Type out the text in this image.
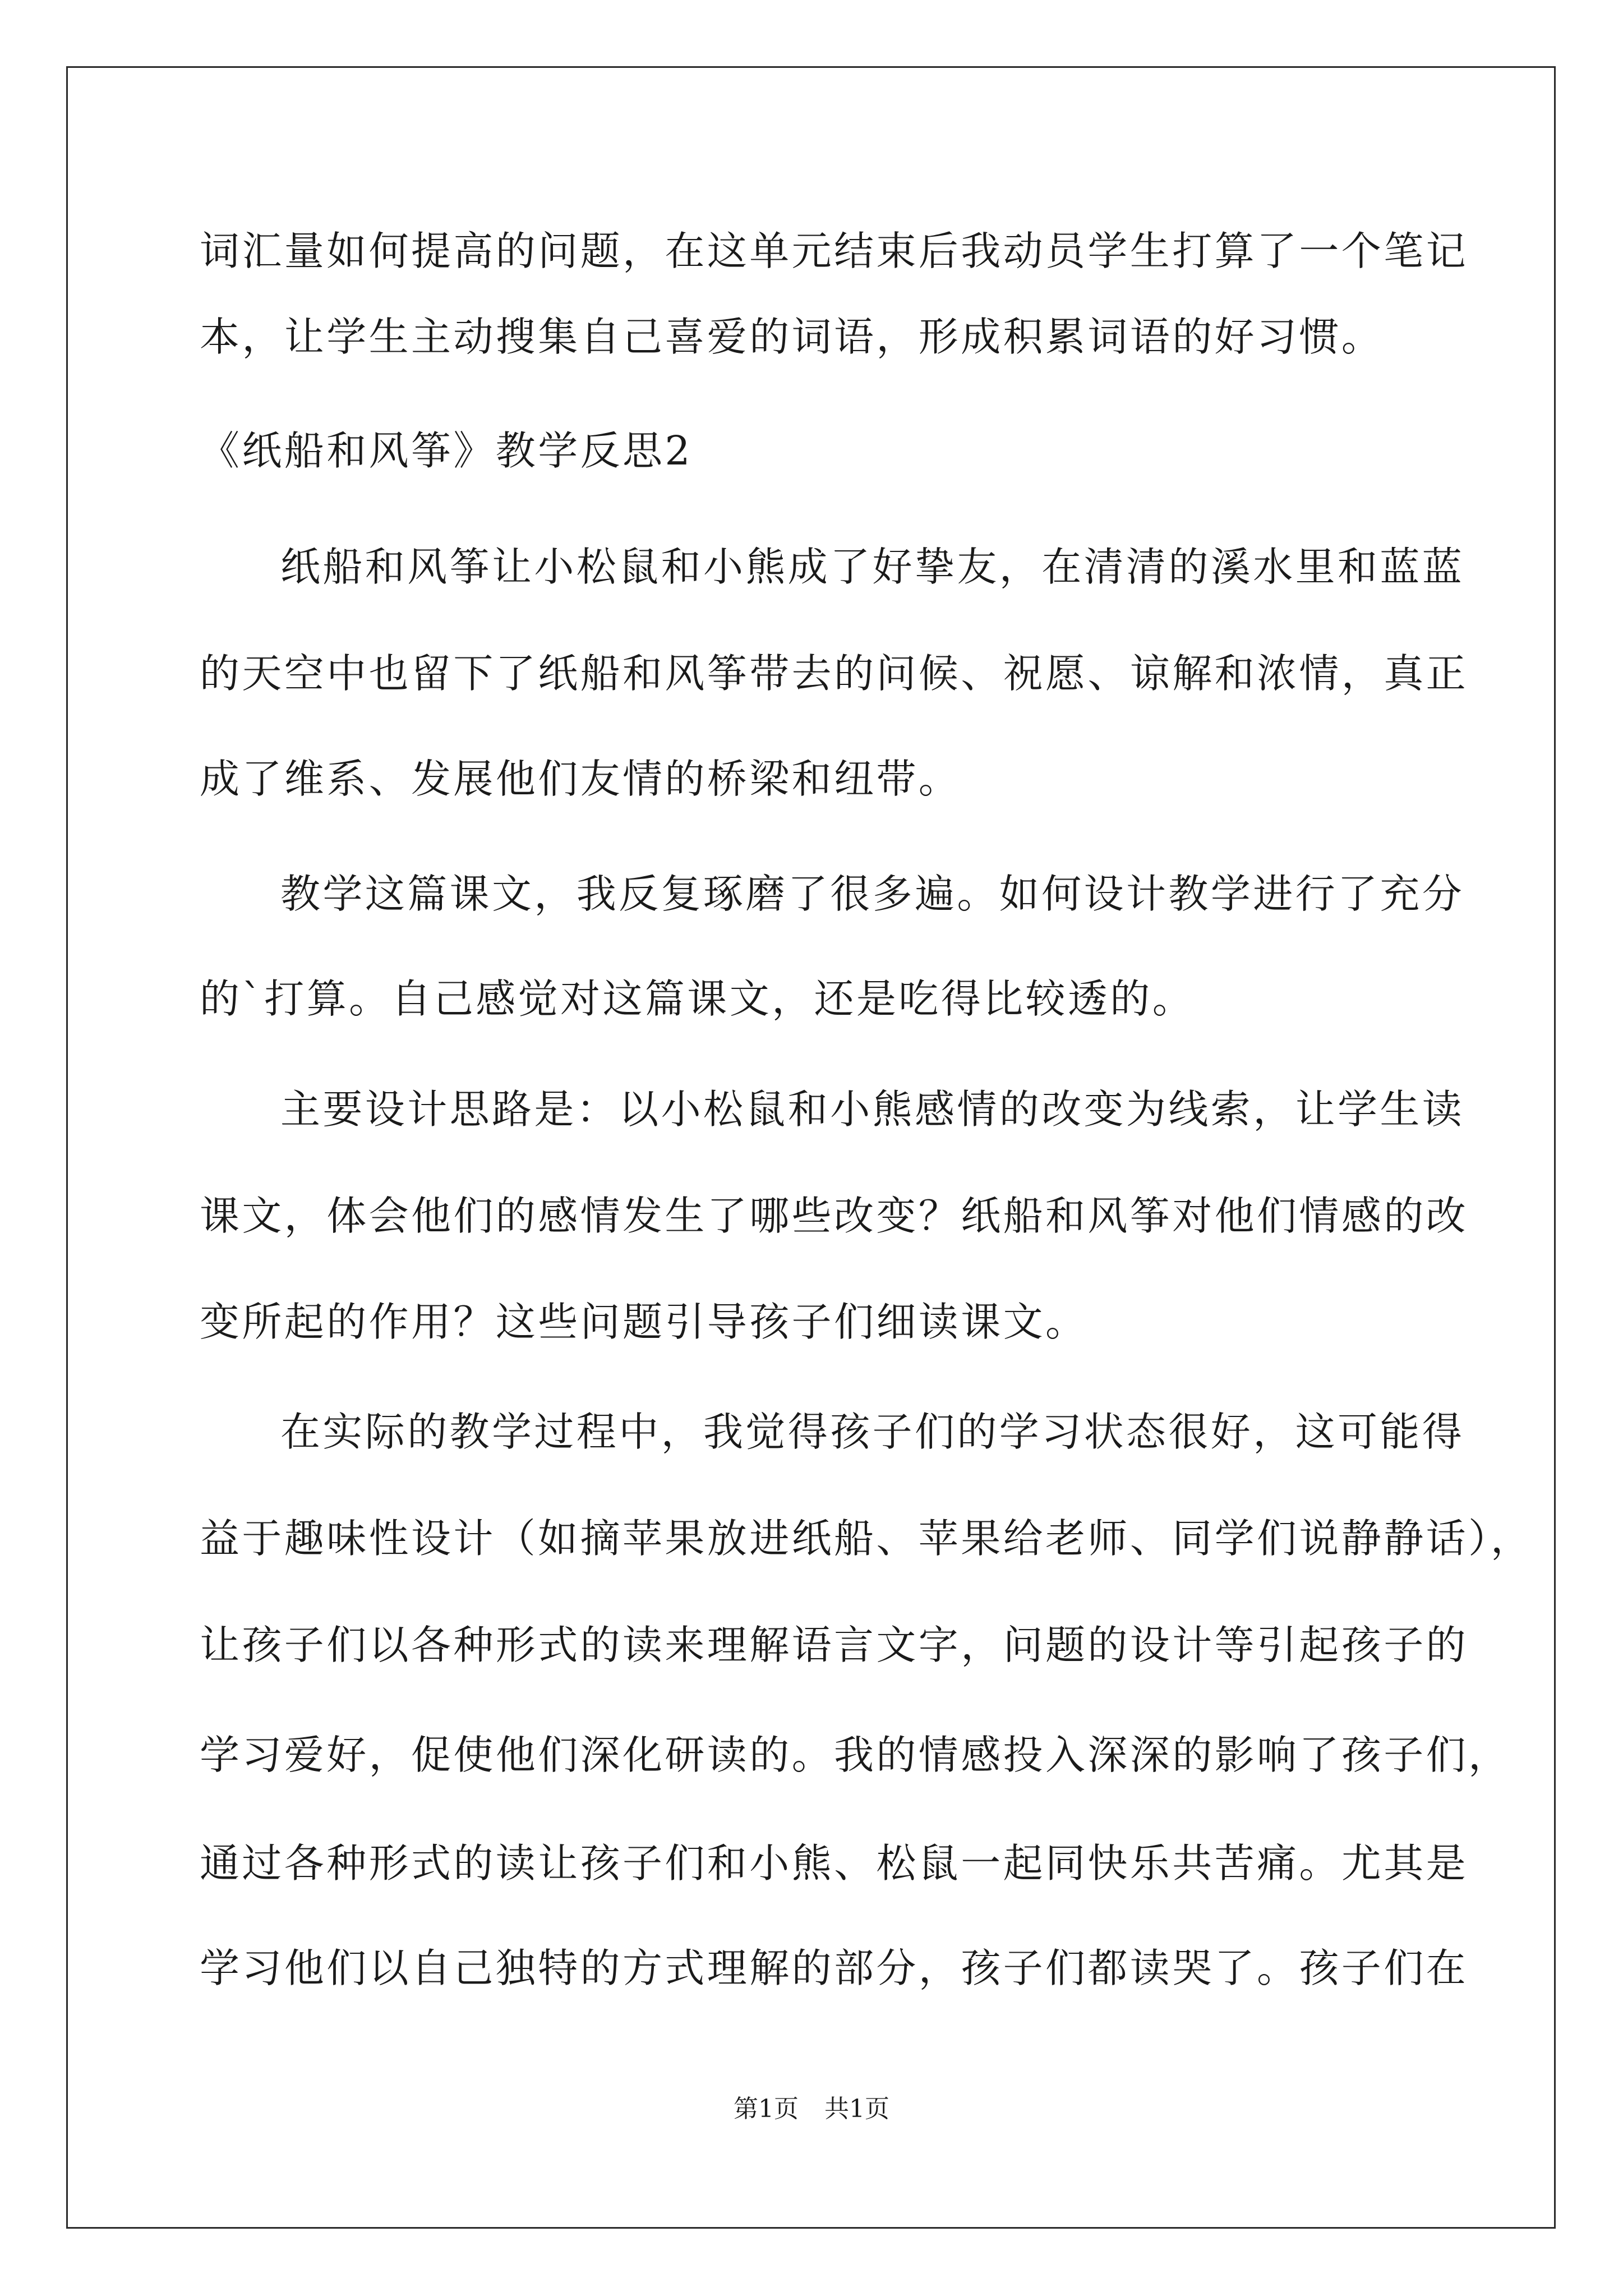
词汇量如何提高的问题，在这单元结束后我动员学生打算了一个笔记
本，让学生主动搜集自己喜爱的词语，形成积累词语的好习惯。
《纸船和风筝》教学反思2
纸船和风筝让小松鼠和小熊成了好挚友，在清清的溪水里和蓝蓝
的天空中也留下了纸船和风筝带去的问候、祝愿、谅解和浓情，真正
成了维系、发展他们友情的桥梁和纽带。
教学这篇课文，我反复琢磨了很多遍。如何设计教学进行了充分
的`打算。自己感觉对这篇课文，还是吃得比较透的。
主要设计思路是：以小松鼠和小熊感情的改变为线索，让学生读
课文，体会他们的感情发生了哪些改变？纸船和风筝对他们情感的改
变所起的作用？这些问题引导孩子们细读课文。
在实际的教学过程中，我觉得孩子们的学习状态很好，这可能得
益于趣味性设计（如摘苹果放进纸船、苹果给老师、同学们说静静话），
让孩子们以各种形式的读来理解语言文字，问题的设计等引起孩子的
学习爱好，促使他们深化研读的。我的情感投入深深的影响了孩子们，
通过各种形式的读让孩子们和小熊、松鼠一起同快乐共苦痛。尤其是
学习他们以自己独特的方式理解的部分，孩子们都读哭了。孩子们在
第1页 共1页
